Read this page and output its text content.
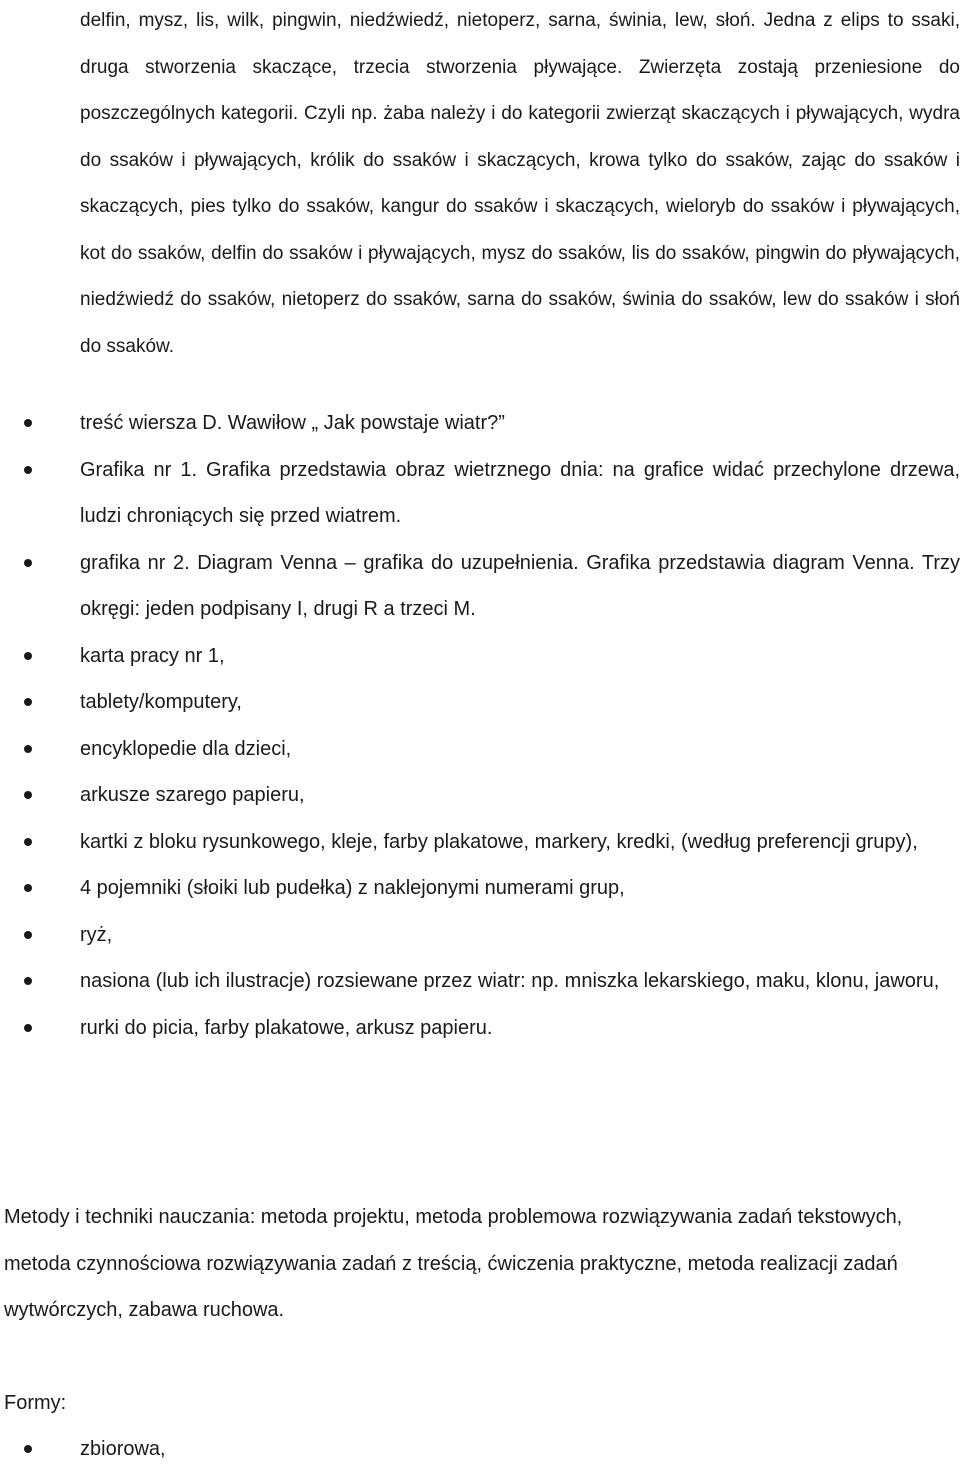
delfin, mysz, lis, wilk, pingwin, niedźwiedź, nietoperz, sarna, świnia, lew, słoń. Jedna z elips to ssaki, druga stworzenia skaczące, trzecia stworzenia pływające. Zwierzęta zostają przeniesione do poszczególnych kategorii. Czyli np. żaba należy i do kategorii zwierząt skaczących i pływających, wydra do ssaków i pływających, królik do ssaków i skaczących, krowa tylko do ssaków, zając do ssaków i skaczących, pies tylko do ssaków, kangur do ssaków i skaczących, wieloryb do ssaków i pływających, kot do ssaków, delfin do ssaków i pływających, mysz do ssaków, lis do ssaków, pingwin do pływających, niedźwiedź do ssaków, nietoperz do ssaków, sarna do ssaków, świnia do ssaków, lew do ssaków i słoń do ssaków.

treść wiersza D. Wawiłow „ Jak powstaje wiatr?”
Grafika nr 1. Grafika przedstawia obraz wietrznego dnia: na grafice widać przechylone drzewa, ludzi chroniących się przed wiatrem.
grafika nr 2. Diagram Venna – grafika do uzupełnienia. Grafika przedstawia diagram Venna. Trzy okręgi: jeden podpisany I, drugi R a trzeci M.
karta pracy nr 1,
tablety/komputery,
encyklopedie dla dzieci,
arkusze szarego papieru,
kartki z bloku rysunkowego, kleje, farby plakatowe, markery, kredki, (według preferencji grupy),
4 pojemniki (słoiki lub pudełka) z naklejonymi numerami grup,
ryż,
nasiona (lub ich ilustracje) rozsiewane przez wiatr: np. mniszka lekarskiego, maku, klonu, jaworu,
rurki do picia, farby plakatowe, arkusz papieru.

Metody i techniki nauczania: metoda projektu, metoda problemowa rozwiązywania zadań tekstowych, metoda czynnościowa rozwiązywania zadań z treścią, ćwiczenia praktyczne, metoda realizacji zadań wytwórczych, zabawa ruchowa.

Formy:

zbiorowa,
